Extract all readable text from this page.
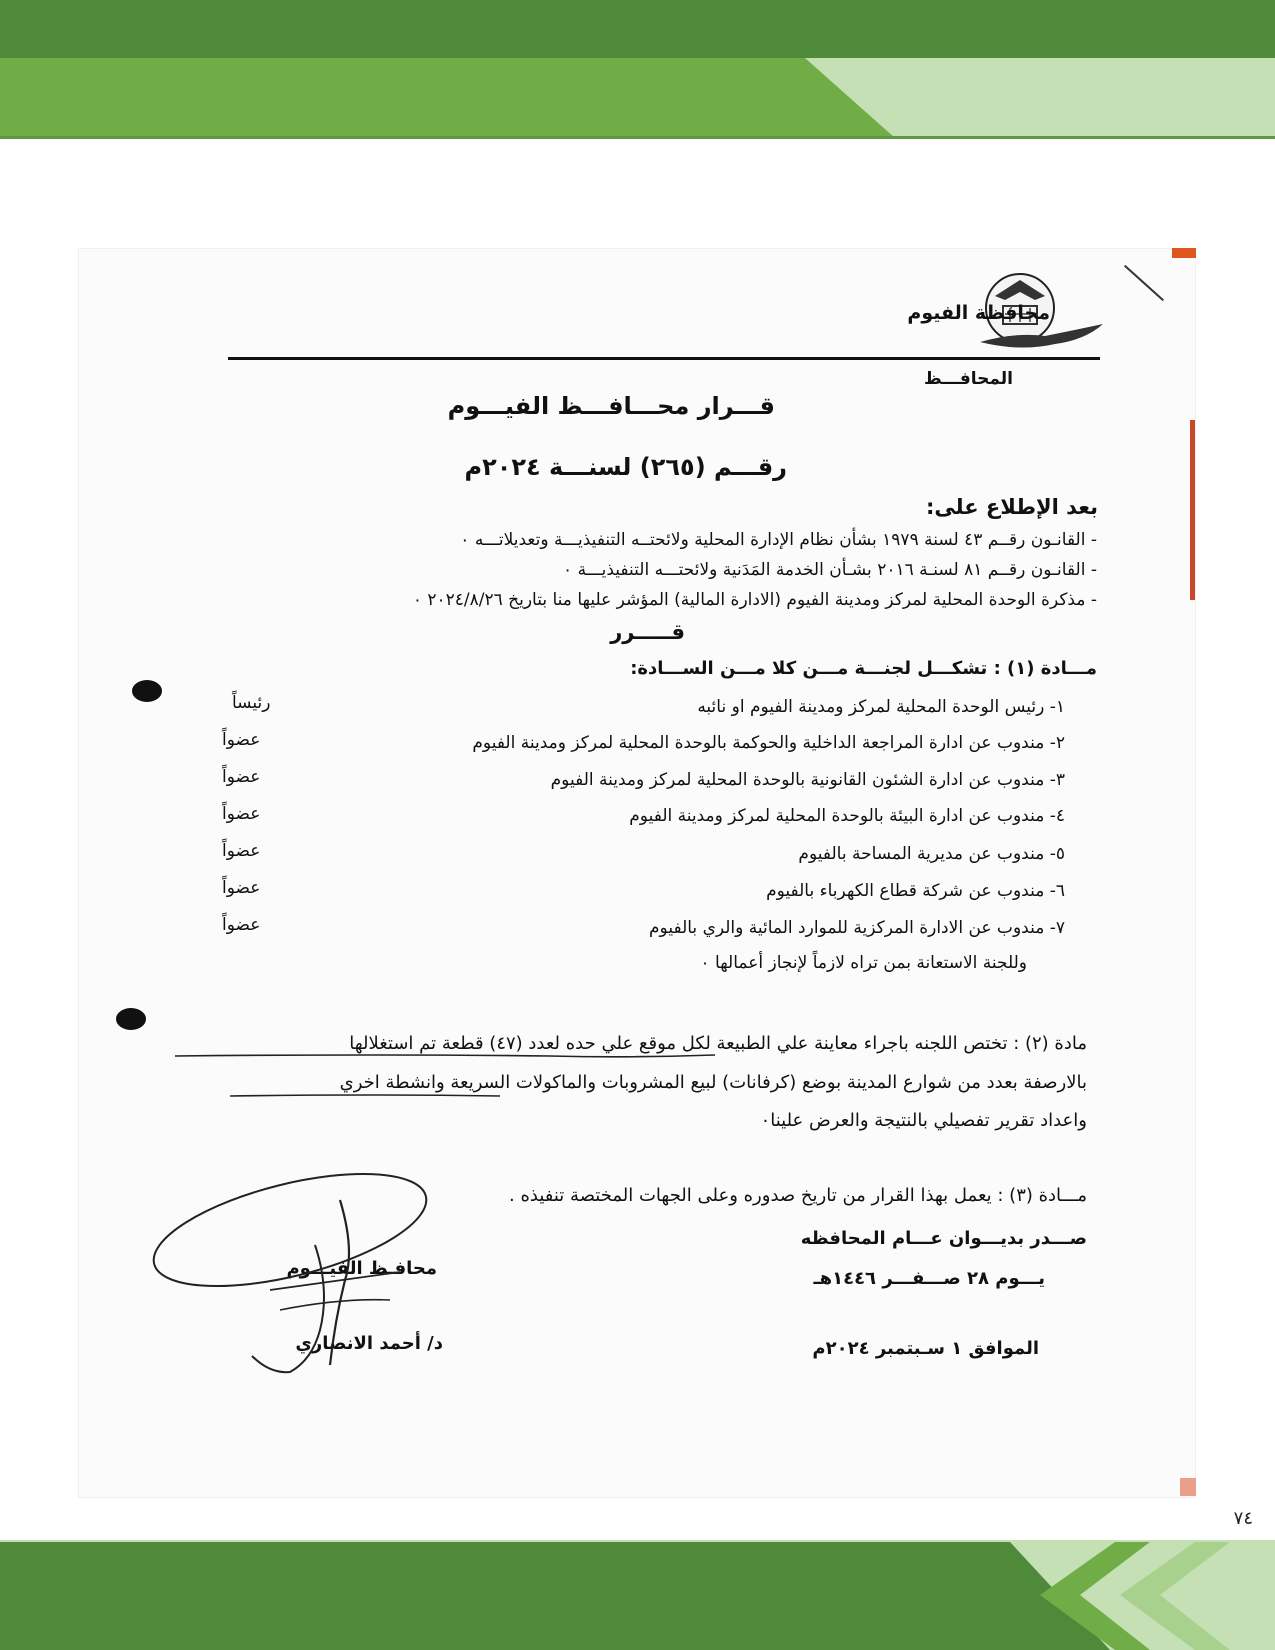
محافظة الفيوم
المحافـــظ
قـــرار محـــافـــظ الفيـــوم
رقـــم (٢٦٥) لسنـــة ٢٠٢٤م
بعد الإطلاع على:
- القانـون رقــم ٤٣ لسنة ١٩٧٩ بشأن نظام الإدارة المحلية ولائحتــه التنفيذيـــة وتعديلاتـــه ٠
- القانـون رقــم ٨١ لسنـة ٢٠١٦ بشـأن الخدمة المَدَنية ولائحتـــه التنفيذيـــة ٠
- مذكرة الوحدة المحلية لمركز ومدينة الفيوم (الادارة المالية) المؤشر عليها منا بتاريخ ٢٠٢٤/٨/٢٦ ٠
قـــــرر
مـــادة (١) : تشكـــل لجنـــة مـــن كلا مـــن الســـادة:
١- رئيس الوحدة المحلية لمركز ومدينة الفيوم او نائبه
رئيساً
٢- مندوب عن ادارة المراجعة الداخلية والحوكمة بالوحدة المحلية لمركز ومدينة الفيوم
عضواً
٣- مندوب عن ادارة الشئون القانونية بالوحدة المحلية لمركز ومدينة الفيوم
عضواً
٤- مندوب عن ادارة البيئة بالوحدة المحلية لمركز ومدينة الفيوم
عضواً
٥- مندوب عن مديرية المساحة بالفيوم
عضواً
٦- مندوب عن شركة قطاع الكهرباء بالفيوم
عضواً
٧- مندوب عن الادارة المركزية للموارد المائية والري بالفيوم
عضواً
وللجنة الاستعانة بمن تراه لازماً لإنجاز أعمالها ٠
مادة (٢) : تختص اللجنه باجراء معاينة علي الطبيعة لكل موقع علي حده لعدد (٤٧) قطعة تم استغلالها
بالارصفة بعدد من شوارع المدينة بوضع (كرفانات) لبيع المشروبات والماكولات السريعة وانشطة اخري
واعداد تقرير تفصيلي بالنتيجة والعرض علينا٠
مـــادة (٣) : يعمل بهذا القرار من تاريخ صدوره وعلى الجهات المختصة تنفيذه .
صـــدر بديـــوان عـــام المحافظه
يـــوم ٢٨ صـــفـــر ١٤٤٦هـ
الموافق ١ سـبتمبر ٢٠٢٤م
محافـظ الفيـــوم
د/ أحمد الانصاري
٧٤
